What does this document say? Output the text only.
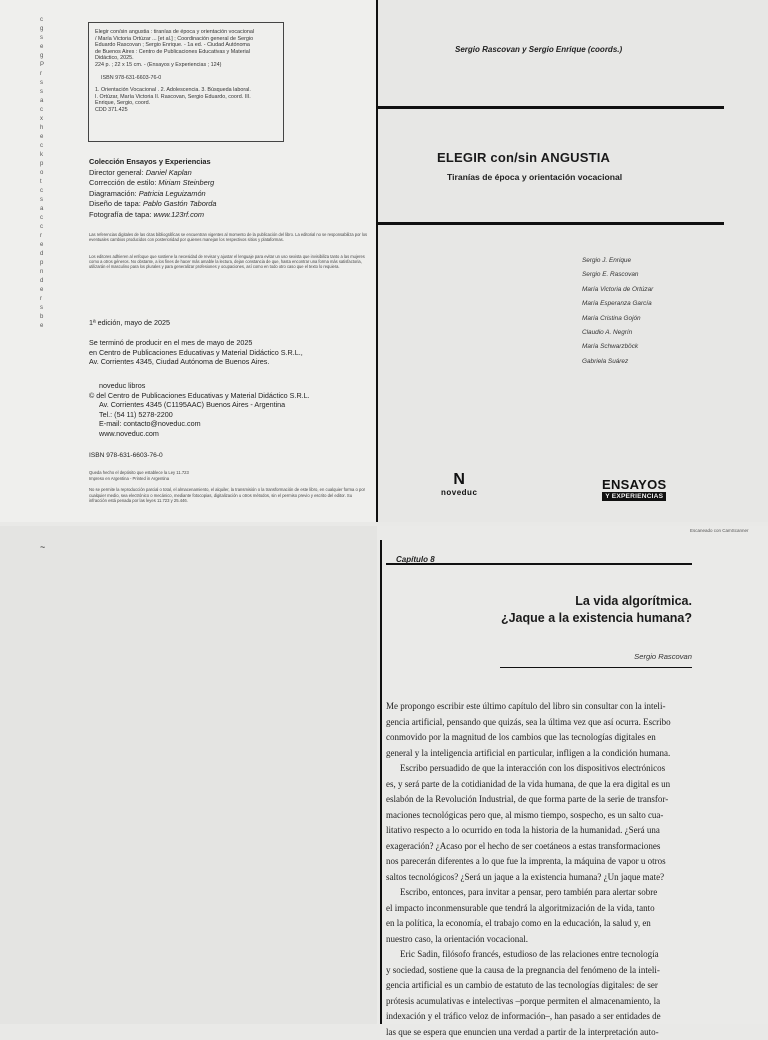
c
g
s
e
g
P
r
s
s
a
c
x
h
e
c
k
p
o
t
c
s
a
c
c
r
e
d
p
n
d
e
r
s
b
e
Elegir con/sin angustia : tiranías de época y orientación vocacional
/ María Victoria Ortúzar ... [et al.] ; Coordinación general de Sergio
Eduardo Rascovan ; Sergio Enrique. - 1a ed. - Ciudad Autónoma
de Buenos Aires : Centro de Publicaciones Educativas y Material
Didáctico, 2025.
224 p. ; 22 x 15 cm. - (Ensayos y Experiencias ; 124)

ISBN 978-631-6603-76-0

1. Orientación Vocacional . 2. Adolescencia. 3. Búsqueda laboral.
I. Ortúzar, María Victoria II. Rascovan, Sergio Eduardo, coord. III.
Enrique, Sergio, coord.
CDD 371.425
Colección Ensayos y Experiencias
Director general: Daniel Kaplan
Corrección de estilo: Miriam Steinberg
Diagramación: Patricia Leguizamón
Diseño de tapa: Pablo Gastón Taborda
Fotografía de tapa: www.123rf.com
Las referencias digitales de las citas bibliográficas se encuentran vigentes al momento de la publicación del libro. La editorial no se responsabiliza por los eventuales cambios producidos con posterioridad por quienes manejan los respectivos sitios y plataformas.
Los editores adhieren al enfoque que sostiene la necesidad de revisar y ajustar el lenguaje para evitar un uso sexista que invisibiliza tanto a las mujeres como a otros géneros. No obstante, a los fines de hacer más amable la lectura, dejan constancia de que, hasta encontrar una forma más satisfactoria, utilizarán el masculino para los plurales y para generalizar profesiones y ocupaciones, así como en todo otro caso que el texto lo requiera.
1ª edición, mayo de 2025
Se terminó de producir en el mes de mayo de 2025
en Centro de Publicaciones Educativas y Material Didáctico S.R.L.,
Av. Corrientes 4345, Ciudad Autónoma de Buenos Aires.
noveduc libros
© del Centro de Publicaciones Educativas y Material Didáctico S.R.L.
Av. Corrientes 4345 (C1195AAC) Buenos Aires - Argentina
Tel.: (54 11) 5278-2200
E-mail: contacto@noveduc.com
www.noveduc.com
ISBN 978-631-6603-76-0
Queda hecho el depósito que establece la Ley 11.723
Impreso en Argentina - Printed in Argentina
No se permite la reproducción parcial o total, el almacenamiento, el alquiler, la transmisión o la transformación de este libro, en cualquier forma o por cualquier medio, sea electrónico o mecánico, mediante fotocopias, digitalización u otros métodos, sin el permiso previo y escrito del editor. Su infracción está penada por las leyes 11.723 y 25.446.
Sergio Rascovan y Sergio Enrique (coords.)
ELEGIR con/sin ANGUSTIA
Tiranías de época y orientación vocacional
Sergio J. Enrique
Sergio E. Rascovan
María Victoria de Ortúzar
María Esperanza García
María Cristina Gojón
Claudio A. Negrín
María Schwarzböck
Gabriela Suárez
N
noveduc
ENSAYOS
Y EXPERIENCIAS
Escaneado con CamScanner
~
Capítulo 8
La vida algorítmica.
¿Jaque a la existencia humana?
Sergio Rascovan
Me propongo escribir este último capítulo del libro sin consultar con la inteli-
gencia artificial, pensando que quizás, sea la última vez que así ocurra. Escribo
conmovido por la magnitud de los cambios que las tecnologías digitales en
general y la inteligencia artificial en particular, infligen a la condición humana.
Escribo persuadido de que la interacción con los dispositivos electrónicos
es, y será parte de la cotidianidad de la vida humana, de que la era digital es un
eslabón de la Revolución Industrial, de que forma parte de la serie de transfor-
maciones tecnológicas pero que, al mismo tiempo, sospecho, es un salto cua-
litativo respecto a lo ocurrido en toda la historia de la humanidad. ¿Será una
exageración? ¿Acaso por el hecho de ser coetáneos a estas transformaciones
nos parecerán diferentes a lo que fue la imprenta, la máquina de vapor u otros
saltos tecnológicos? ¿Será un jaque a la existencia humana? ¿Un jaque mate?
Escribo, entonces, para invitar a pensar, pero también para alertar sobre
el impacto inconmensurable que tendrá la algoritmización de la vida, tanto
en la política, la economía, el trabajo como en la educación, la salud y, en
nuestro caso, la orientación vocacional.
Eric Sadin, filósofo francés, estudioso de las relaciones entre tecnología
y sociedad, sostiene que la causa de la pregnancia del fenómeno de la inteli-
gencia artificial es un cambio de estatuto de las tecnologías digitales: de ser
prótesis acumulativas e intelectivas –porque permiten el almacenamiento, la
indexación y el tráfico veloz de información–, han pasado a ser entidades de
las que se espera que enuncien una verdad a partir de la interpretación auto-
